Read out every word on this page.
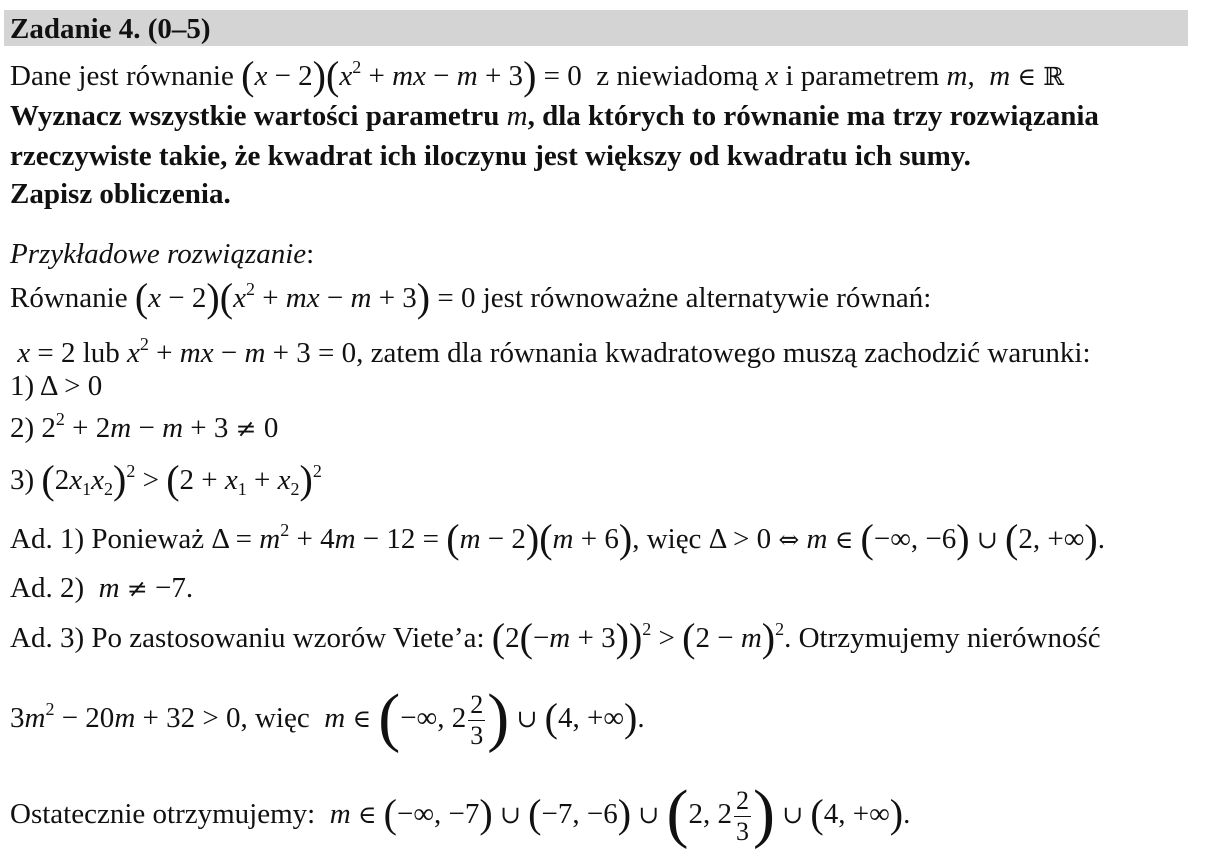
Zadanie 4. (0–5)
Dane jest równanie $(x - 2)(x^2$ + mx − m + 3) = 0 z niewiadomą x i parametrem m,  m ∈ ℝ
Wyznacz wszystkie wartości parametru m, dla których to równanie ma trzy rozwiązania
rzeczywiste takie, że kwadrat ich iloczynu jest większy od kwadratu ich sumy.
Zapisz obliczenia.
Przykładowe rozwiązanie:
Równanie $(x - 2)(x^2$ + mx − m + 3) = 0 jest równoważne alternatywie równań:
x = 2 lub $x^2$ + mx − m + 3 = 0, zatem dla równania kwadratowego muszą zachodzić warunki:
1) Δ > 0
2) $2^2 + 2m - m + 3 \ne 0$
3) $(2x_1x_2)^2 > (2 + x_1 + x_2)^2$
Ad. 1) Ponieważ $\Delta = m^2 + 4m - 12 = (m - 2)(m + 6)$, więc Δ > 0 ⇔ m ∈ (−∞, −6) ∪ (2, +∞).
Ad. 2) m ≠ −7.
Ad. 3) Po zastosowaniu wzorów Viete’a: $(2(-m + 3))^2 > (2 - m)^2$. Otrzymujemy nierówność
$3m^2 - 20m + 32 > 0$, więc m ∈ (−∞, $2 \frac{2}{3}$ ) ∪ (4, +∞).
Ostatecznie otrzymujemy: m ∈ (−∞, −7) ∪ (−7, −6) ∪ (2, $2 \frac{2}{3}$ ) ∪ (4, +∞).
